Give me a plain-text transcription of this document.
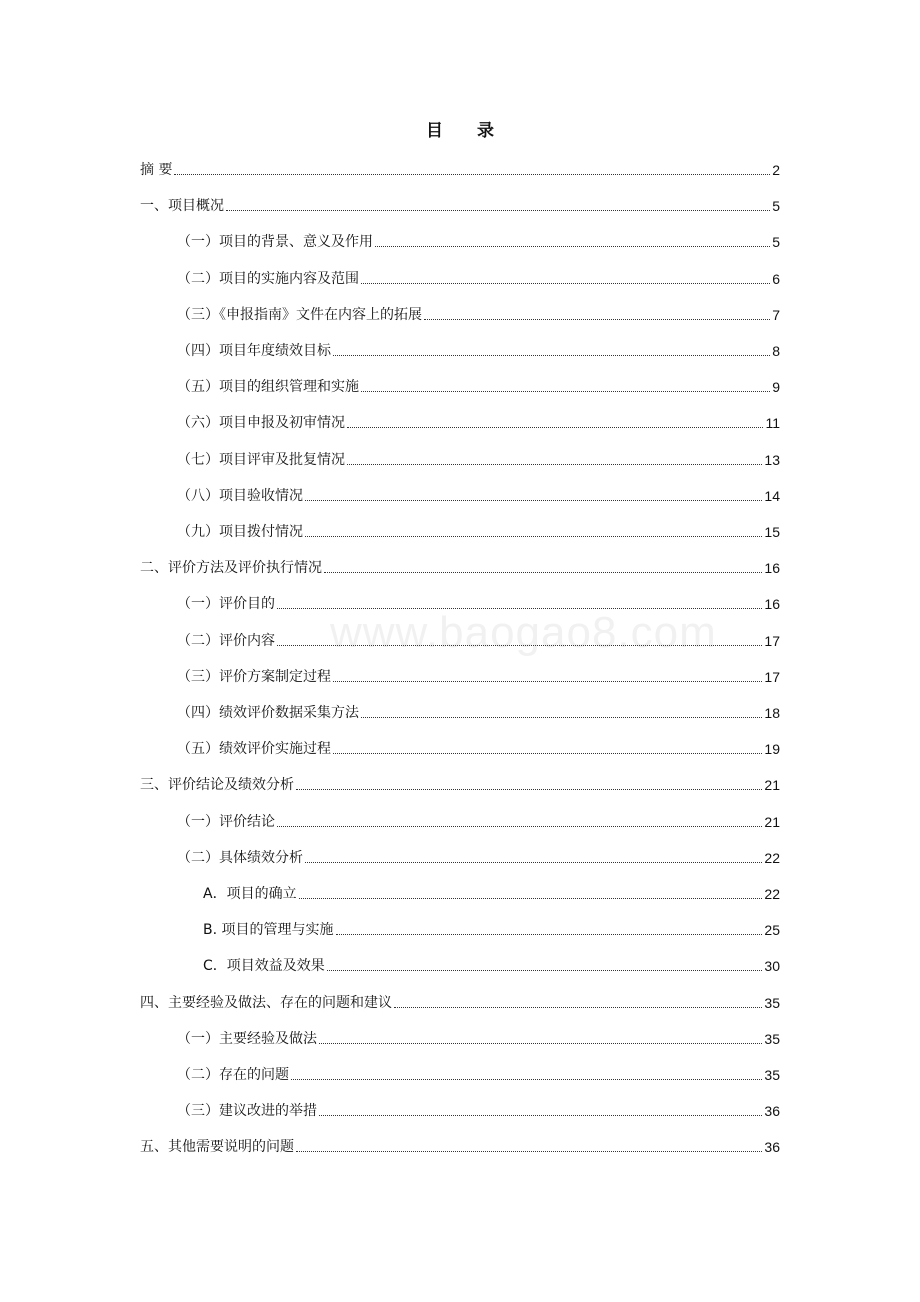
目 录
摘 要	2
一、项目概况	5
（一）项目的背景、意义及作用	5
（二）项目的实施内容及范围	6
（三）《申报指南》文件在内容上的拓展	7
（四）项目年度绩效目标	8
（五）项目的组织管理和实施	9
（六）项目申报及初审情况	11
（七）项目评审及批复情况	13
（八）项目验收情况	14
（九）项目拨付情况	15
二、评价方法及评价执行情况	16
（一）评价目的	16
（二）评价内容	17
（三）评价方案制定过程	17
（四）绩效评价数据采集方法	18
（五）绩效评价实施过程	19
三、评价结论及绩效分析	21
（一）评价结论	21
（二）具体绩效分析	22
A．项目的确立	22
B. 项目的管理与实施	25
C．项目效益及效果	30
四、主要经验及做法、存在的问题和建议	35
（一）主要经验及做法	35
（二）存在的问题	35
（三）建议改进的举措	36
五、其他需要说明的问题	36
www.baogao8.com
